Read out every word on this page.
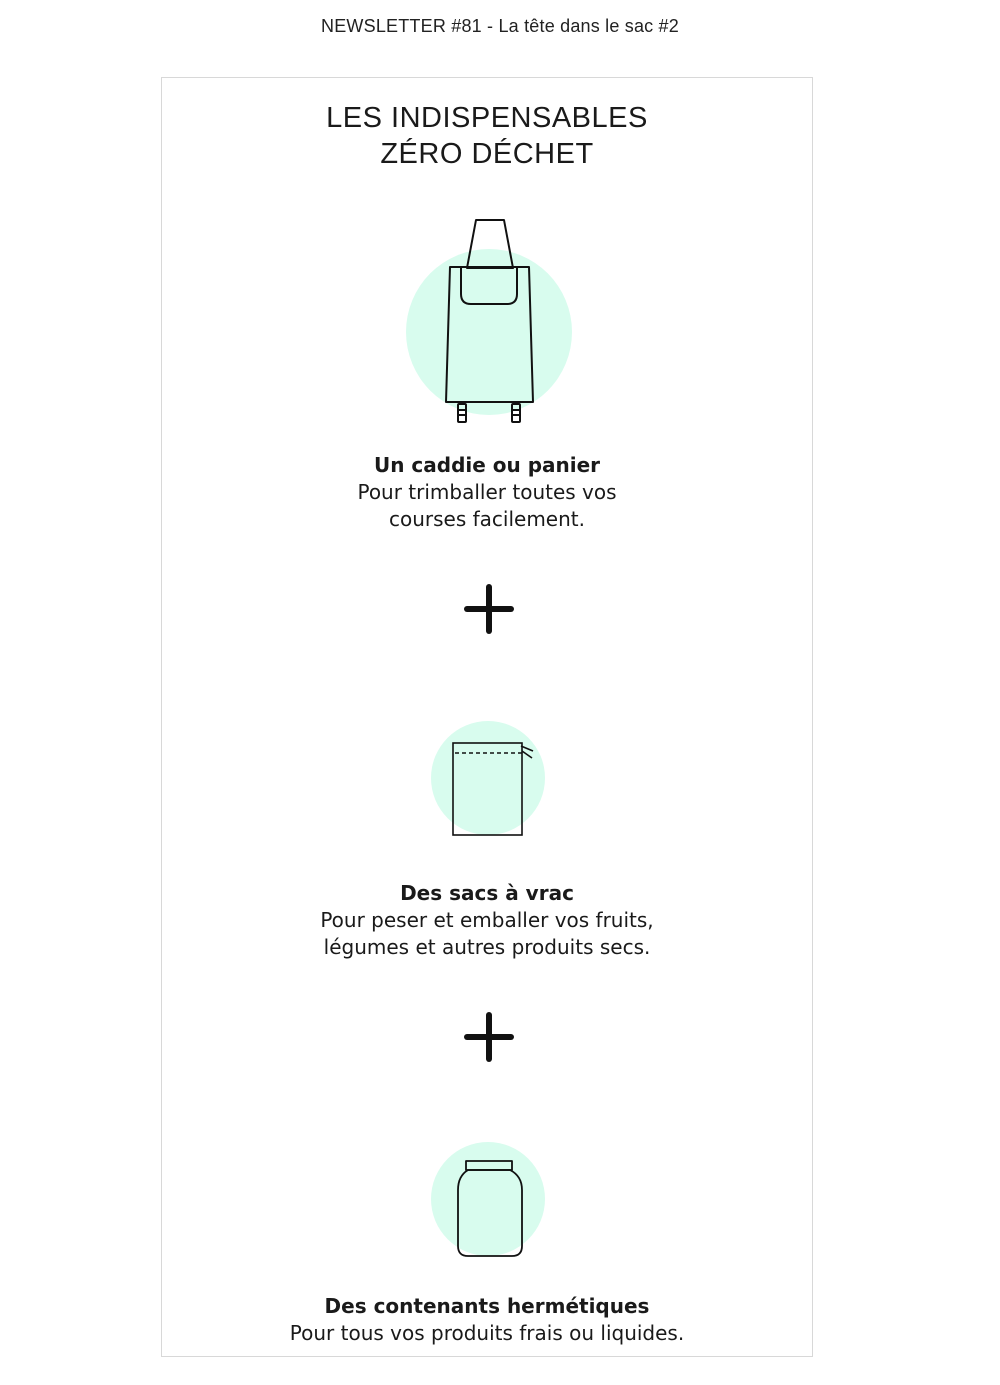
NEWSLETTER #81 - La tête dans le sac #2
LES INDISPENSABLES
ZÉRO DÉCHET
Un caddie ou panier
Pour trimballer toutes vos courses facilement.
Des sacs à vrac
Pour peser et emballer vos fruits, légumes et autres produits secs.
Des contenants hermétiques
Pour tous vos produits frais ou liquides.
